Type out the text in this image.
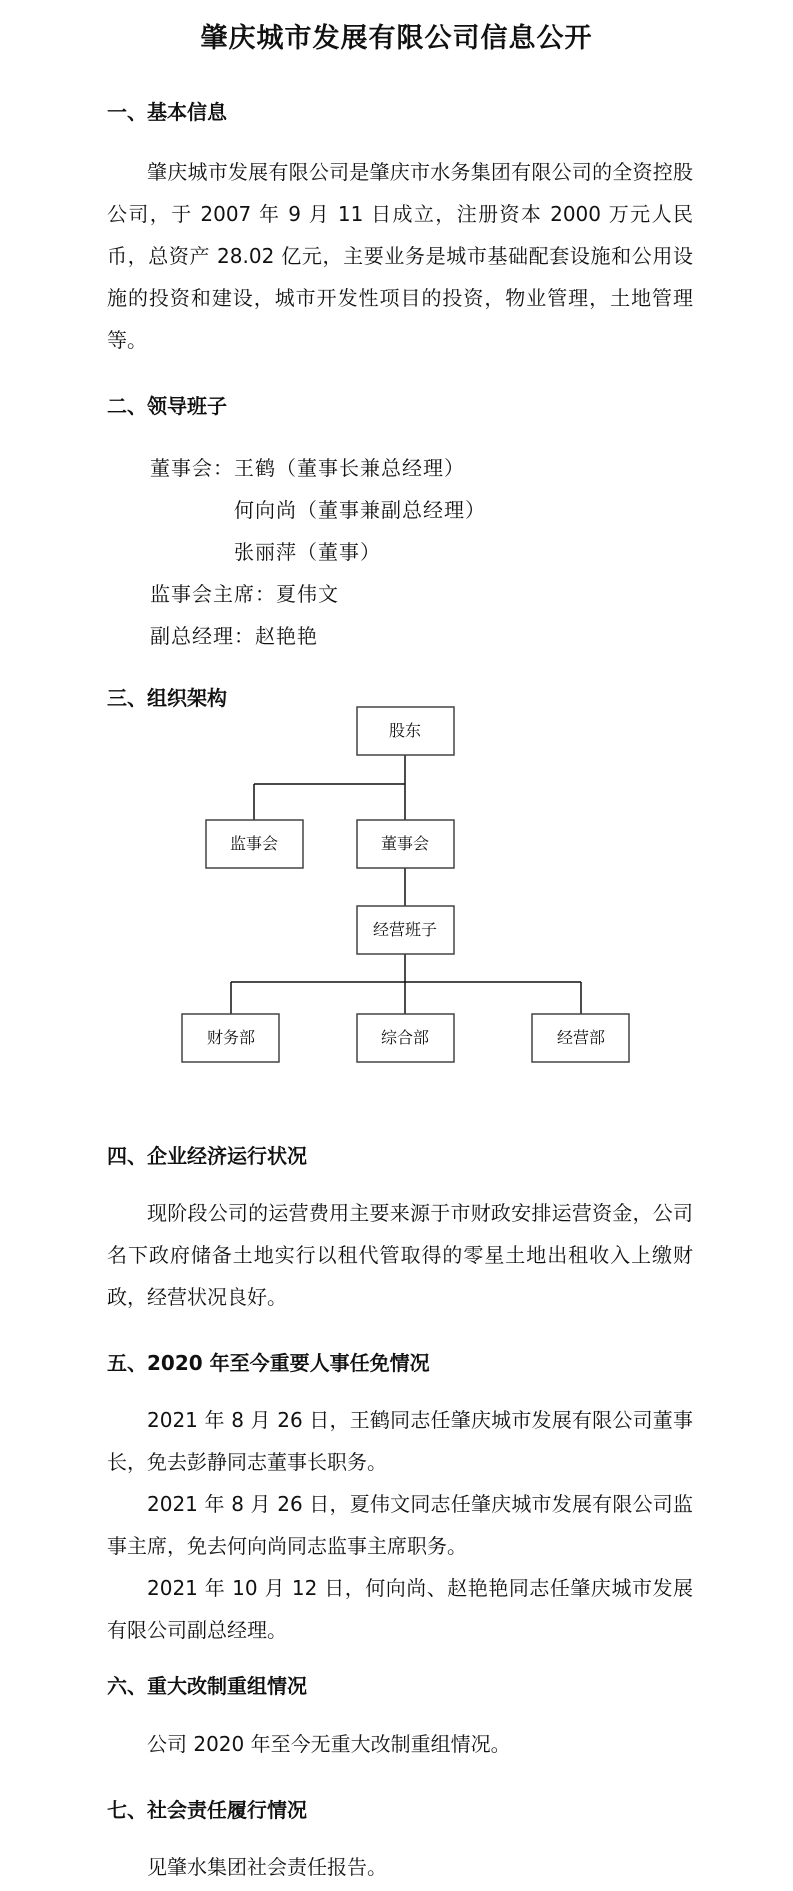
肇庆城市发展有限公司信息公开
一、基本信息

肇庆城市发展有限公司是肇庆市水务集团有限公司的全资控股公司，于 2007 年 9 月 11 日成立，注册资本 2000 万元人民币，总资产 28.02 亿元，主要业务是城市基础配套设施和公用设施的投资和建设，城市开发性项目的投资，物业管理，土地管理等。

二、领导班子
董事会： 王鹤（董事长兼总经理）
何向尚（董事兼副总经理）
张丽萍（董事）
监事会主席：夏伟文
副总经理：赵艳艳
三、组织架构
股东
监事会	董事会
经营班子
财务部	综合部	经营部
四、企业经济运行状况

现阶段公司的运营费用主要来源于市财政安排运营资金，公司名下政府储备土地实行以租代管取得的零星土地出租收入上缴财政，经营状况良好。

五、2020 年至今重要人事任免情况

2021 年 8 月 26 日，王鹤同志任肇庆城市发展有限公司董事长，免去彭静同志董事长职务。

2021 年 8 月 26 日，夏伟文同志任肇庆城市发展有限公司监事主席，免去何向尚同志监事主席职务。

2021 年 10 月 12 日，何向尚、赵艳艳同志任肇庆城市发展有限公司副总经理。

六、重大改制重组情况

公司 2020 年至今无重大改制重组情况。

七、社会责任履行情况

见肇水集团社会责任报告。
